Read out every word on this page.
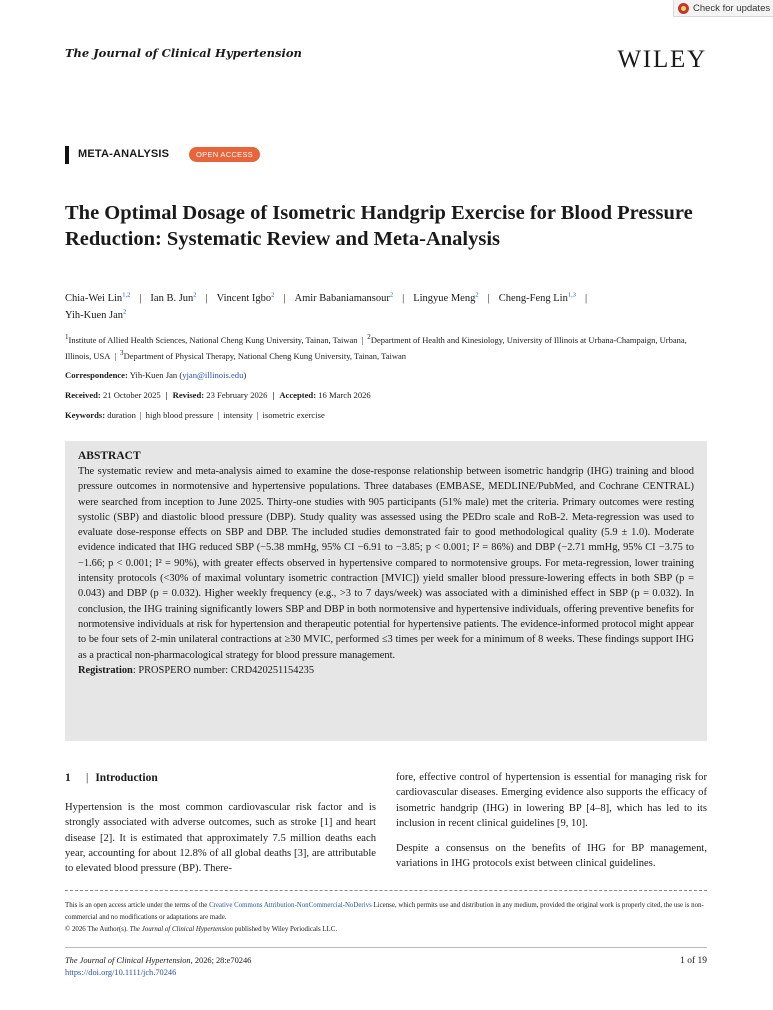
Check for updates
The Journal of Clinical Hypertension	WILEY
META-ANALYSIS	OPEN ACCESS
The Optimal Dosage of Isometric Handgrip Exercise for Blood Pressure Reduction: Systematic Review and Meta-Analysis
Chia-Wei Lin$^{1,2}$ | Ian B. Jun$^2$ | Vincent Igbo$^2$ | Amir Babaniamansour$^2$ | Lingyue Meng$^2$ | Cheng-Feng Lin$^{1,3}$ |
Yih-Kuen Jan$^2$
$^1$Institute of Allied Health Sciences, National Cheng Kung University, Tainan, Taiwan | $^2$Department of Health and Kinesiology, University of Illinois at Urbana-Champaign, Urbana, Illinois, USA | $^3$Department of Physical Therapy, National Cheng Kung University, Tainan, Taiwan
Correspondence: Yih-Kuen Jan (yjan@illinois.edu)
Received: 21 October 2025 | Revised: 23 February 2026 | Accepted: 16 March 2026
Keywords: duration | high blood pressure | intensity | isometric exercise
ABSTRACT
The systematic review and meta-analysis aimed to examine the dose-response relationship between isometric handgrip (IHG) training and blood pressure outcomes in normotensive and hypertensive populations. Three databases (EMBASE, MEDLINE/PubMed, and Cochrane CENTRAL) were searched from inception to June 2025. Thirty-one studies with 905 participants (51% male) met the criteria. Primary outcomes were resting systolic (SBP) and diastolic blood pressure (DBP). Study quality was assessed using the PEDro scale and RoB-2. Meta-regression was used to evaluate dose-response effects on SBP and DBP. The included studies demonstrated fair to good methodological quality (5.9 ± 1.0). Moderate evidence indicated that IHG reduced SBP (−5.38 mmHg, 95% CI −6.91 to −3.85; p < 0.001; I² = 86%) and DBP (−2.71 mmHg, 95% CI −3.75 to −1.66; p < 0.001; I² = 90%), with greater effects observed in hypertensive compared to normotensive groups. For meta-regression, lower training intensity protocols (<30% of maximal voluntary isometric contraction [MVIC]) yield smaller blood pressure-lowering effects in both SBP (p = 0.043) and DBP (p = 0.032). Higher weekly frequency (e.g., >3 to 7 days/week) was associated with a diminished effect in SBP (p = 0.032). In conclusion, the IHG training significantly lowers SBP and DBP in both normotensive and hypertensive individuals, offering preventive benefits for normotensive individuals at risk for hypertension and therapeutic potential for hypertensive patients. The evidence-informed protocol might appear to be four sets of 2-min unilateral contractions at ≥30 MVIC, performed ≤3 times per week for a minimum of 8 weeks. These findings support IHG as a practical non-pharmacological strategy for blood pressure management.
Registration: PROSPERO number: CRD420251154235
1 | Introduction

Hypertension is the most common cardiovascular risk factor and is strongly associated with adverse outcomes, such as stroke [1] and heart disease [2]. It is estimated that approximately 7.5 million deaths each year, accounting for about 12.8% of all global deaths [3], are attributable to elevated blood pressure (BP). There-

fore, effective control of hypertension is essential for managing risk for cardiovascular diseases. Emerging evidence also supports the efficacy of isometric handgrip (IHG) in lowering BP [4–8], which has led to its inclusion in recent clinical guidelines [9, 10].

Despite a consensus on the benefits of IHG for BP management, variations in IHG protocols exist between clinical guidelines.

This is an open access article under the terms of the Creative Commons Attribution-NonCommercial-NoDerivs License, which permits use and distribution in any medium, provided the original work is properly cited, the use is non-commercial and no modifications or adaptations are made.
© 2026 The Author(s). The Journal of Clinical Hypertension published by Wiley Periodicals LLC.
The Journal of Clinical Hypertension, 2026; 28:e70246
https://doi.org/10.1111/jch.70246
1 of 19
